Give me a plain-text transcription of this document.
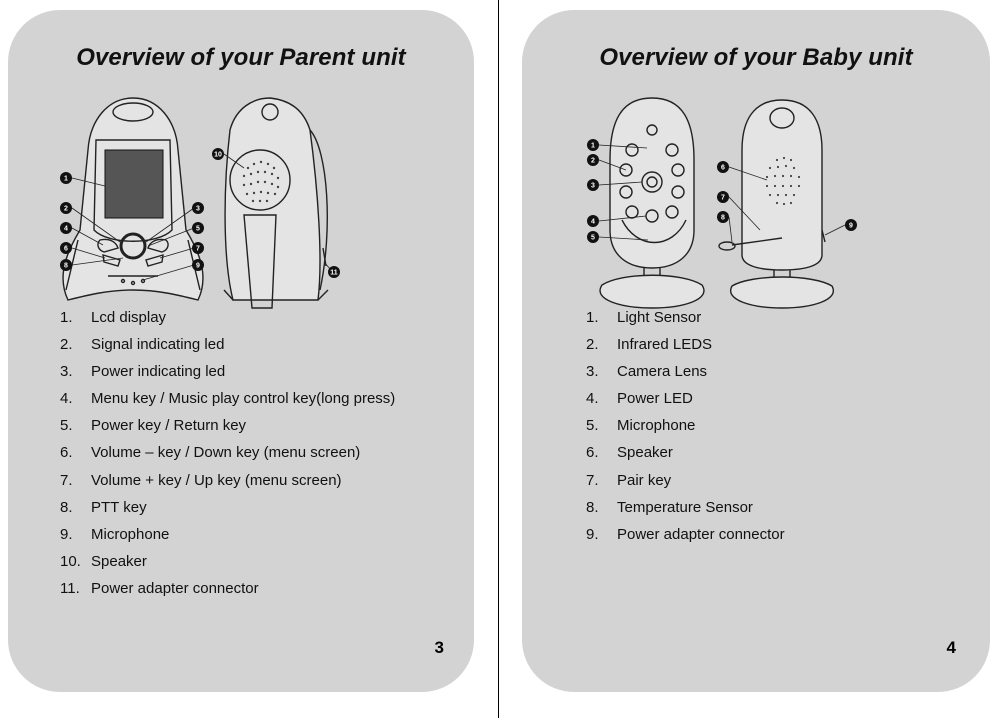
Overview of your Parent unit
1
2	3
4	5
6	7
8	9
10
11
1. Lcd display
2. Signal indicating led
3. Power indicating led
4. Menu key / Music play control key(long press)
5. Power key / Return key
6. Volume – key / Down key (menu screen)
7. Volume + key / Up key (menu screen)
8. PTT key
9. Microphone
10. Speaker
11. Power adapter connector
3
Overview of your Baby unit
1
2
3
4
5
6
7
8
9
1. Light Sensor
2. Infrared LEDS
3. Camera Lens
4. Power LED
5. Microphone
6. Speaker
7. Pair key
8. Temperature Sensor
9. Power adapter connector
4
